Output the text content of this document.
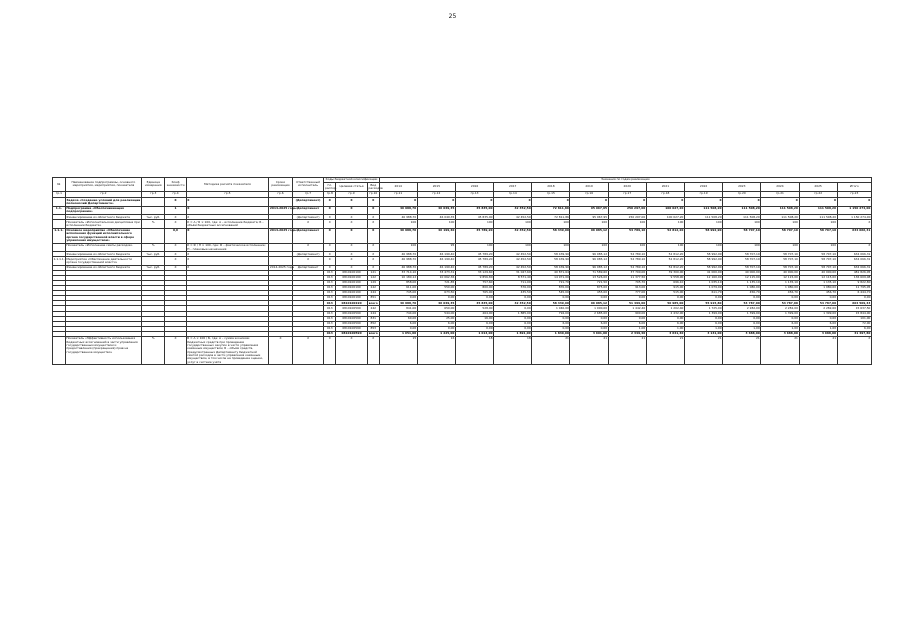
25
№	Наименование подпрограммы, основного мероприятия, мероприятия, показателя	Единица измерения	Коэф значимости	Методика расчёта показателя	Сроки реализации	Ответственный исполнитель	Коды бюджетной классификации			Значения по годам реализации												
							Гл. распор.	Целевая статья	Вид расходов	2014	2015	2016	2017	2018	2019	2020	2021	2022	2023	2024	2025	Итого
гр.1	гр.2	гр.3	гр.4	гр.5	гр.6	гр.7	гр.8	гр.9	гр.10	гр.11	гр.12	гр.13	гр.14	гр.15	гр.16	гр.17	гр.18	гр.19	гр.20	гр.21	гр.22	гр.23
	Задача «Создание условий для реализации полномочий Департамента»		X	X		(Департамент)	X	X	X	X	X	X	X	X	X	X	X	X	X	X	X	X
1.1.	Подпрограмма «Обеспечивающая подпрограмма»		1	X	2014-2025 годы	Департамент	X	X	X	46 988,70	46 049,35	45 835,00	42 452,50	72 811,86	95 967,95	250 297,00	100 027,20	111 508,20	111 508,20	111 508,20	111 508,20	1 150 274,00
	Финансирование из областного бюджета	тыс. руб.	X	X		(Департамент)	X	X	X	46 988,70	46 049,35	45 835,00	42 452,50	72 811,86	95 967,95	250 297,00	100 027,20	111 508,20	111 508,20	111 508,20	111 508,20	1 150 274,00
	Показатель «Исполнительская дисциплина при исполнении бюджета»	%	X	К = А / Б × 100, где: А – исполнение бюджета; Б – объём бюджетных ассигнований		X	X	X	X	100	100	100	100	100	100	100	100	100	100	100	100	X
1.1.1.	Основное мероприятие «Обеспечение исполнения функций исполнительного органа государственной власти в сфере управления имуществом»		0,6	X	2014-2025 годы	Департамент	X	X	X	46 988,70	46 199,40	45 789,20	42 452,50	58 439,90	96 085,12	54 789,10	52 812,20	58 992,90	58 707,10	58 707,10	58 707,10	634 066,31
	Показатель «Исполнение сметы расходов»	%	X	К = Ф / П × 100, где: Ф – фактическое исполнение; П – плановые назначения		X	X	X	X	100	95	100	100	100	100	100	100	100	100	100	100	X
	Финансирование из областного бюджета	тыс. руб.	X	X		(Департамент)	X	X	X	46 988,70	46 199,40	45 789,20	42 452,50	58 439,90	96 085,12	54 789,10	52 812,20	58 992,90	58 707,10	58 707,10	58 707,10	634 066,31
1.1.1.1.	Мероприятие «Обеспечение деятельности органа государственной власти»		X	X		X	X	X	X	46 988,70	46 199,40	45 789,20	42 452,50	58 439,90	96 085,12	54 789,10	52 812,20	58 992,90	58 707,10	58 707,10	58 707,10	634 066,31
	Финансирование из областного бюджета	тыс. руб.	X	X	2014-2025 годы	Департамент	X	X	X	46 988,70	46 199,40	45 789,20	42 452,50	58 439,90	96 085,12	54 789,10	52 812,20	58 992,90	58 707,10	58 707,10	58 707,10	634 066,31
							013	0810100190	121	33 714,10	33 473,31	33 129,60	31 047,60	40 871,64	71 589,60	37 700,00	39 300,00	41 000,00	40 000,00	40 000,00	40 000,00	481 826,05
							013	0810100190	122	10 180,12	10 062,36	9 856,80	8 571,40	14 971,00	13 526,00	11 377,50	9 558,90	12 160,00	12 115,00	12 115,00	12 115,00	136 609,08
							013	0810100190	129	858,00	721,85	757,60	711,00	721,70	721,50	705,70	696,10	1 035,10	1 135,10	1 135,10	1 135,10	9 822,80
							013	0810100190	242	611,00	550,00	800,00	576,00	870,00	875,00	913,00	915,00	1 079,00	1 080,00	1 080,00	1 080,00	11 795,05
							013	0810100190	244	745,00	673,50	765,00	435,50	545,00	455,00	777,00	515,00	611,70	456,70	456,70	456,70	6 444,70
							013	0810100190	851	0,00	0,00	0,00	0,00	0,00	0,00	0,00	0,00	0,00	0,00	0,00	0,00	0,00
							013	0810100190	всего	46 988,70	46 049,35	45 835,00	42 452,50	58 439,90	96 085,12	51 499,00	50 985,00	55 915,80	54 787,00	54 787,00	54 787,00	604 509,43
							013	0810100590	242	841,00	650,00	528,00	0,00	1 040,00	1 000,00	1 442,40	1 202,40	1 725,00	2 282,00	2 282,00	2 282,00	15 637,50
							013	0810100590	244	744,00	544,00	464,00	1 885,00	794,00	2 685,00	900,00	2 432,00	1 399,00	1 399,00	1 399,00	1 399,00	15 844,00
							013	0810100590	831	60,00	25,00	16,00	0,00	0,00	0,00	0,00	0,00	0,00	0,00	0,00	0,00	101,00
							013	0810100590	852	6,00	6,00	6,00	6,00	6,00	6,00	6,00	6,00	6,00	6,00	6,00	6,00	72,00
							013	0810100590	853	0,00	0,00	0,00	0,00	0,00	0,00	1,00	1,00	1,00	1,00	1,00	1,00	6,00
							013	0810100590	всего	1 651,00	1 225,00	1 014,00	1 891,00	1 840,00	3 691,00	2 349,40	3 641,40	3 131,00	3 688,00	3 688,00	3 688,00	31 497,80
	Показатель «Эффективность использования бюджетных ассигнований в части управления государственным имуществом и предоставления (прекращения) прав на государственное имущество»	%	X	Б = А × 100 / Б, где: А – сумма экономии бюджетных средств при проведении государственных закупок в части управления казённым имуществом; Б – объём средств, предусмотренных Департаменту бюджетной сметой расходов в части управления казённым имуществом, в том числе на проведение оценки, услуг в системе учёта	X	X	X	X	X	15	16	18	18	21	21	21	21	21	21	21	21	X
